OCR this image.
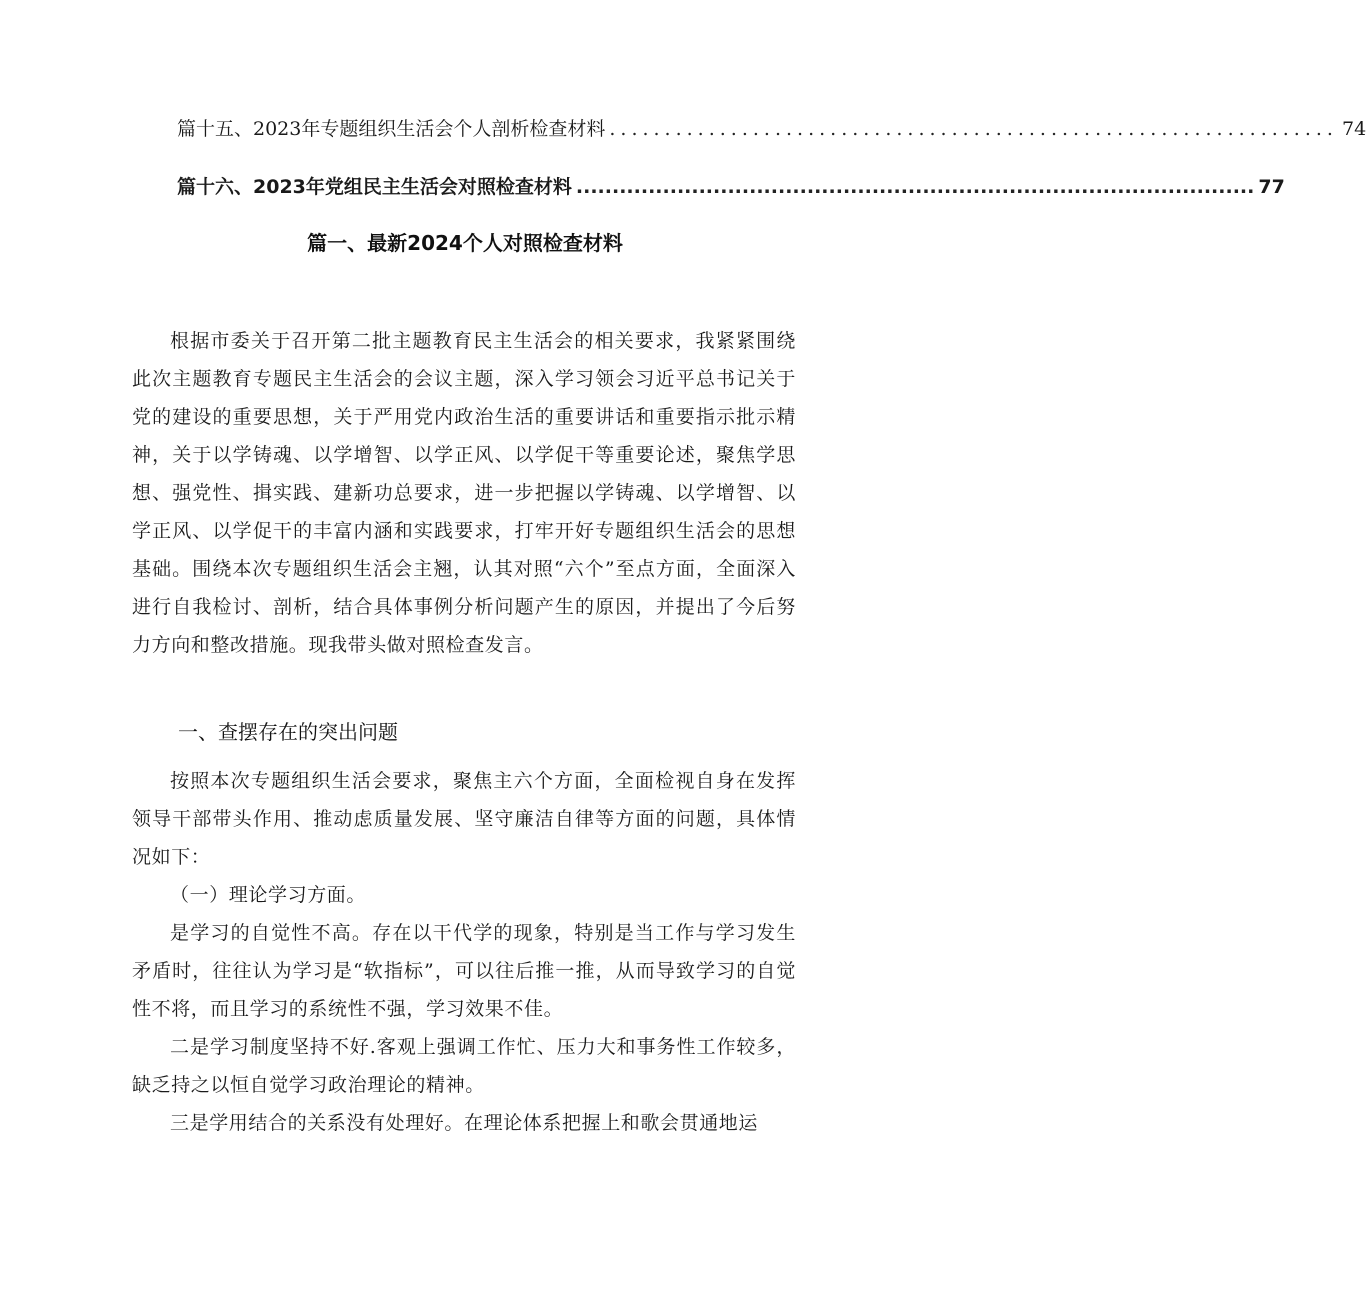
篇十五、2023年专题组织生活会个人剖析检查材料 .................................................................. 74
篇十六、2023年党组民主生活会对照检查材料 .............................................................................................. 77
篇一、最新2024个人对照检查材料

根据市委关于召开第二批主题教育民主生活会的相关要求，我紧紧围绕此次主题教育专题民主生活会的会议主题，深入学习领会习近平总书记关于党的建设的重要思想，关于严用党内政治生活的重要讲话和重要指示批示精神，关于以学铸魂、以学增智、以学正风、以学促干等重要论述，聚焦学思想、强党性、揖实践、建新功总要求，进一步把握以学铸魂、以学增智、以学正风、以学促干的丰富内涵和实践要求，打牢开好专题组织生活会的思想基础。围绕本次专题组织生活会主翘，认其对照“六个”至点方面，全面深入进行自我检讨、剖析，结合具体事例分析问题产生的原因，并提出了今后努力方向和整改措施。现我带头做对照检查发言。

一、查摆存在的突出问题

按照本次专题组织生活会要求，聚焦主六个方面，全面检视自身在发挥领导干部带头作用、推动虑质量发展、坚守廉洁自律等方面的问题，具体情况如下：

（一）理论学习方面。

是学习的自觉性不高。存在以干代学的现象，特别是当工作与学习发生矛盾时，往往认为学习是“软指标”，可以往后推一推，从而导致学习的自觉性不将，而且学习的系统性不强，学习效果不佳。

二是学习制度坚持不好.客观上强调工作忙、压力大和事务性工作较多，缺乏持之以恒自觉学习政治理论的精神。

三是学用结合的关系没有处理好。在理论体系把握上和歌会贯通地运
